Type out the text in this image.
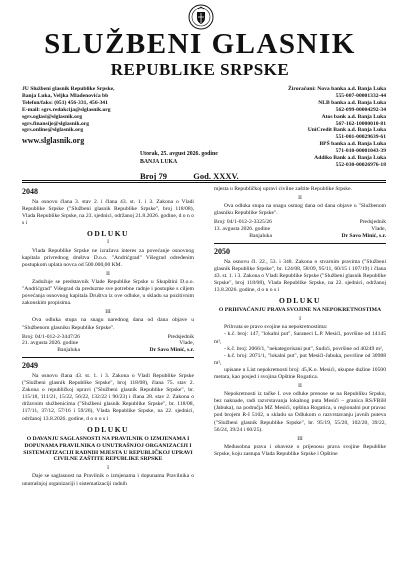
SLUŽBENI GLASNIK
REPUBLIKE SRPSKE
JU Službeni glasnik Republike Srpske,
Banja Luka, Veljka Mlađenovića bb
Telefon/faks: (051) 456-331, 456-341
E-mail: sgrs.redakcija@slglasnik.org
sgrs.oglasi@slglasnik.org
sgrs.finansije@slglasnik.org
sgrs.online@slglasnik.org
www.slglasnik.org
Utorak, 25. avgust 2026. godine
BANJA LUKA
Broj 79	God. XXXV.
Žiroračuni: Nova banka a.d. Banja Luka
555-007-00001332-44
NLB banka a.d. Banja Luka
562-099-00004292-34
Atos bank a.d. Banja Luka
567-162-10000010-81
UniCredit Bank a.d. Banja Luka
551-001-00029639-61
BPŠ banka a.d. Banja Luka
571-010-00001043-39
Addiko Bank a.d. Banja Luka
552-030-00026976-18
2048

Na osnovu člana 3. stav 2. i člana 43. st. 1. i 3. Zakona o Vladi Republike Srpske ("Službeni glasnik Republike Srpske", broj 118/08), Vlada Republike Srpske, na 23. sjednici, održanoj 21.8.2026. godine, d o n o s i

ODLUKU
I

Vlada Republike Srpske ne izražava interes za povećanje osnovnog kapitala privrednog društva D.o.o. "Andrićgrad" Višegrad određenim postupkom uplata novca od 500.000,00 KM.

II

Zadužuje se predstavnik Vlade Republike Srpske u Skupštini D.o.o. "Andrićgrad" Višegrad da preduzme sve potrebne radnje i postupke s ciljem povećanja osnovnog kapitala Društva iz ove odluke, u skladu sa pozitivnim zakonskim propisima.

III

Ova odluka stupa na snagu narednog dana od dana objave u "Službenom glasniku Republike Srpske".

Broj: 04/1-012-2-3447/26
21. avgusta 2026. godine
Banjaluka
Predsjednik
Vlade,
Dr Savo Minić, s.r.
2049

Na osnovu člana 43. st. 1. i 3. Zakona o Vladi Republike Srpske ("Službeni glasnik Republike Srpske", broj 118/08), člana 75. stav 2. Zakona o republičkoj upravi ("Službeni glasnik Republike Srpske", br. 115/18, 111/21, 15/22, 56/22, 132/22 i 90/23) i člana 28. stav 2. Zakona o državnim službenicima ("Službeni glasnik Republike Srpske", br. 118/08, 117/11, 37/12, 57/16 i 59/26), Vlada Republike Srpske, na 22. sjednici, održanoj 13.8.2026. godine, d o n o s i

ODLUKU
O DAVANJU SAGLASNOSTI NA PRAVILNIK O IZMJENAMA I DOPUNAMA PRAVILNIKA O UNUTRAŠNJOJ ORGANIZACIJI I SISTEMATIZACIJI RADNIH MJESTA U REPUBLIČKOJ UPRAVI CIVILNE ZAŠTITE REPUBLIKE SRPSKE
I

Daje se saglasnost na Pravilnik o izmjenama i dopunama Pravilnika o unutrašnjoj organizaciji i sistematizaciji radnih

mjesta u Republičkoj upravi civilne zaštite Republike Srpske.

II

Ova odluka stupa na snagu osmog dana od dana objave u "Službenom glasniku Republike Srpske".

Broj: 04/1-012-2-3325/26
13. avgusta 2026. godine
Banjaluka
Predsjednik
Vlade,
Dr Savo Minić, s.r.
2050

Na osnovu čl. 22., 53. i 348. Zakona o stvarnim pravima ("Službeni glasnik Republike Srpske", br. 124/08, 58/09, 95/11, 60/15 i 107/19) i člana 43. st. 1. i 3. Zakona o Vladi Republike Srpske ("Službeni glasnik Republike Srpske", broj 118/08), Vlada Republike Srpske, na 22. sjednici, održanoj 13.8.2026. godine, d o n o s i

ODLUKU
O PRIHVAĆANJU PRAVA SVOJINE NA NEPOKRETNOSTIMA
I

Prihvata se pravo svojine na nepokretnostima:

- k.č. broj: 147, "lokalni put", Saraneci L.P. Mesići, površine od 14145 m²,

- k.č. broj: 2066/1, "nekategorisani put", Sudići, površine od 40249 m²,

- k.č. broj: 2071/1, "lokalni put", put Mesići-Jabuka, površine od 30988 m²,

upisane u List nepokretnosti broj: 45,K.o. Mesići, ukupne dužine 10500 metara, kao posjed i svojina Opštine Rogatica.

II

Nepokretnosti iz tačke I. ove odluke prenose se na Republiku Srpsku, bez naknade, radi razvrstavanja lokalnog puta Mesići – granica RS/FBiH (Jabuka), na područja MZ Mesići, opština Rogatica, u regionalni put pravac pod brojem R-I 5102, u skladu sa Odlukom o razvrstavanju javnih puteva ("Službeni glasnik Republike Srpske", br. 95/19, 55/20, 102/20, 39/22, 56/24, 39/24 i 60/25).

III

Međusobna prava i obaveze o prijenosu prava svojine Republike Srpske, koju zastupa Vlada Republike Srpske i Opštine
